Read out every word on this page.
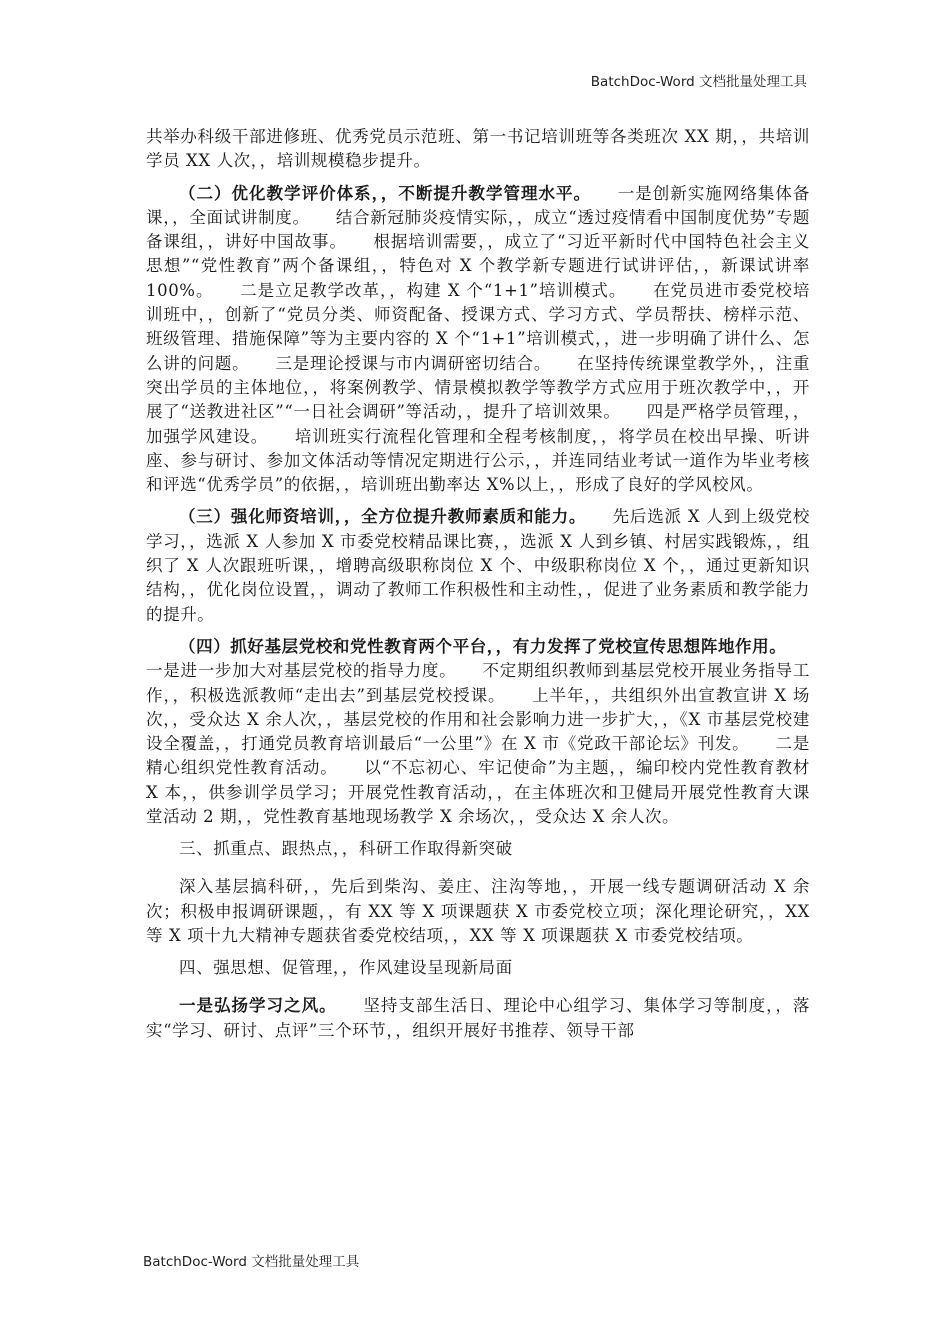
BatchDoc-Word 文档批量处理工具

共举办科级干部进修班、优秀党员示范班、第一书记培训班等各类班次 XX 期，，共培训学员 XX 人次，，培训规模稳步提升。

（二）优化教学评价体系，，不断提升教学管理水平。　　一是创新实施网络集体备课，，全面试讲制度。　　结合新冠肺炎疫情实际，，成立“透过疫情看中国制度优势”专题备课组，，讲好中国故事。　　根据培训需要，，成立了“习近平新时代中国特色社会主义思想”“党性教育”两个备课组，，特色对 X 个教学新专题进行试讲评估，，新课试讲率 100%。　　二是立足教学改革，，构建 X 个“1+1”培训模式。　　在党员进市委党校培训班中，，创新了“党员分类、师资配备、授课方式、学习方式、学员帮扶、榜样示范、班级管理、措施保障”等为主要内容的 X 个“1+1”培训模式，，进一步明确了讲什么、怎么讲的问题。　　三是理论授课与市内调研密切结合。　　在坚持传统课堂教学外，，注重突出学员的主体地位，，将案例教学、情景模拟教学等教学方式应用于班次教学中，，开展了“送教进社区”“一日社会调研”等活动，，提升了培训效果。　　四是严格学员管理，，加强学风建设。　　培训班实行流程化管理和全程考核制度，，将学员在校出早操、听讲座、参与研讨、参加文体活动等情况定期进行公示，，并连同结业考试一道作为毕业考核和评选“优秀学员”的依据，，培训班出勤率达 X%以上，，形成了良好的学风校风。

（三）强化师资培训，，全方位提升教师素质和能力。　　先后选派 X 人到上级党校学习，，选派 X 人参加 X 市委党校精品课比赛，，选派 X 人到乡镇、村居实践锻炼，，组织了 X 人次跟班听课，，增聘高级职称岗位 X 个、中级职称岗位 X 个，，通过更新知识结构，，优化岗位设置，，调动了教师工作积极性和主动性，，促进了业务素质和教学能力的提升。

（四）抓好基层党校和党性教育两个平台，，有力发挥了党校宣传思想阵地作用。　　一是进一步加大对基层党校的指导力度。　　不定期组织教师到基层党校开展业务指导工作，，积极选派教师“走出去”到基层党校授课。　　上半年，，共组织外出宣教宣讲 X 场次，，受众达 X 余人次，，基层党校的作用和社会影响力进一步扩大，，《X 市基层党校建设全覆盖，，打通党员教育培训最后“一公里”》在 X 市《党政干部论坛》刊发。　　二是精心组织党性教育活动。　　以“不忘初心、牢记使命”为主题，，编印校内党性教育教材 X 本，，供参训学员学习；开展党性教育活动，，在主体班次和卫健局开展党性教育大课堂活动 2 期，，党性教育基地现场教学 X 余场次，，受众达 X 余人次。

三、抓重点、跟热点，，科研工作取得新突破

深入基层搞科研，，先后到柴沟、姜庄、注沟等地，，开展一线专题调研活动 X 余次；积极申报调研课题，，有 XX 等 X 项课题获 X 市委党校立项；深化理论研究，，XX 等 X 项十九大精神专题获省委党校结项，，XX 等 X 项课题获 X 市委党校结项。

四、强思想、促管理，，作风建设呈现新局面

一是弘扬学习之风。　　坚持支部生活日、理论中心组学习、集体学习等制度，，落实“学习、研讨、点评”三个环节，，组织开展好书推荐、领导干部

BatchDoc-Word 文档批量处理工具
